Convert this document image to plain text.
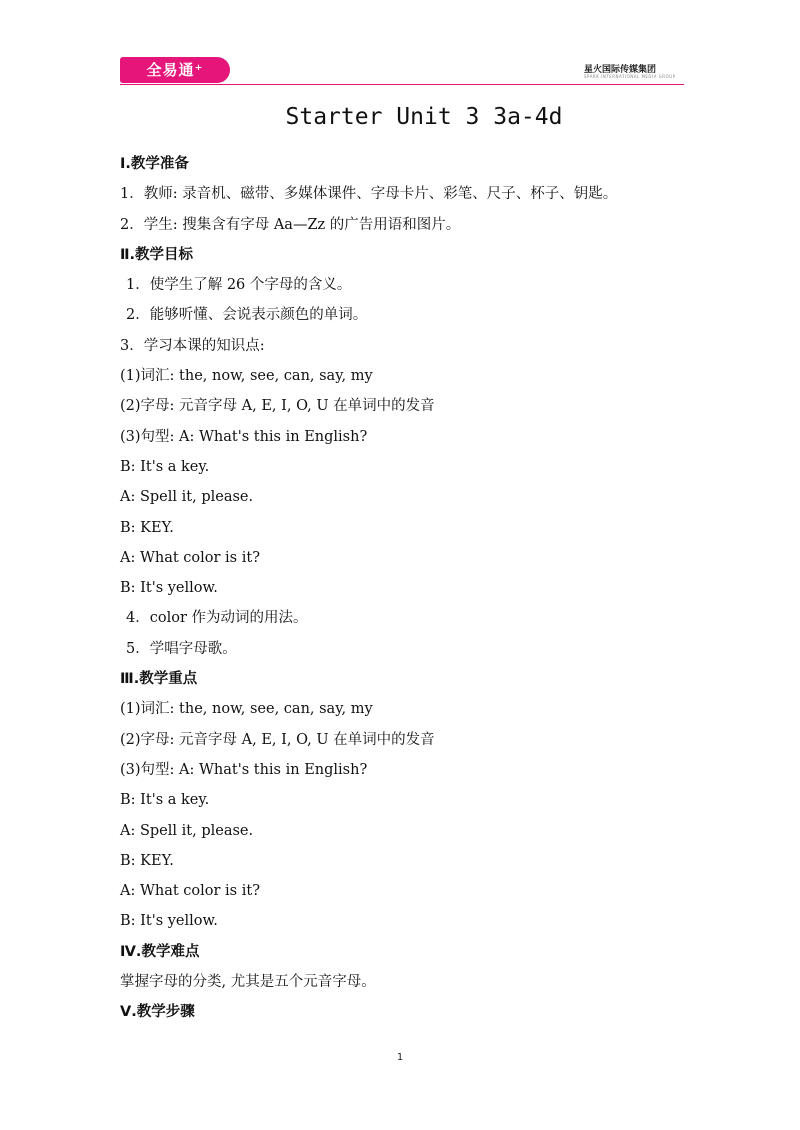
全易通⁺	星火国际传媒集团
SPARK INTERNATIONAL MEDIA GROUP
Starter Unit 3 3a-4d
Ⅰ.教学准备
1．教师: 录音机、磁带、多媒体课件、字母卡片、彩笔、尺子、杯子、钥匙。
2．学生: 搜集含有字母 Aa—Zz 的广告用语和图片。
Ⅱ.教学目标
1．使学生了解 26 个字母的含义。
2．能够听懂、会说表示颜色的单词。
3．学习本课的知识点:
(1)词汇: the, now, see, can, say, my
(2)字母: 元音字母 A, E, I, O, U 在单词中的发音
(3)句型: A: What's this in English?
B: It's a key.
A: Spell it, please.
B: KEY.
A: What color is it?
B: It's yellow.
4．color 作为动词的用法。
5．学唱字母歌。
Ⅲ.教学重点
(1)词汇: the, now, see, can, say, my
(2)字母: 元音字母 A, E, I, O, U 在单词中的发音
(3)句型: A: What's this in English?
B: It's a key.
A: Spell it, please.
B: KEY.
A: What color is it?
B: It's yellow.
Ⅳ.教学难点
掌握字母的分类, 尤其是五个元音字母。
Ⅴ.教学步骤
1
